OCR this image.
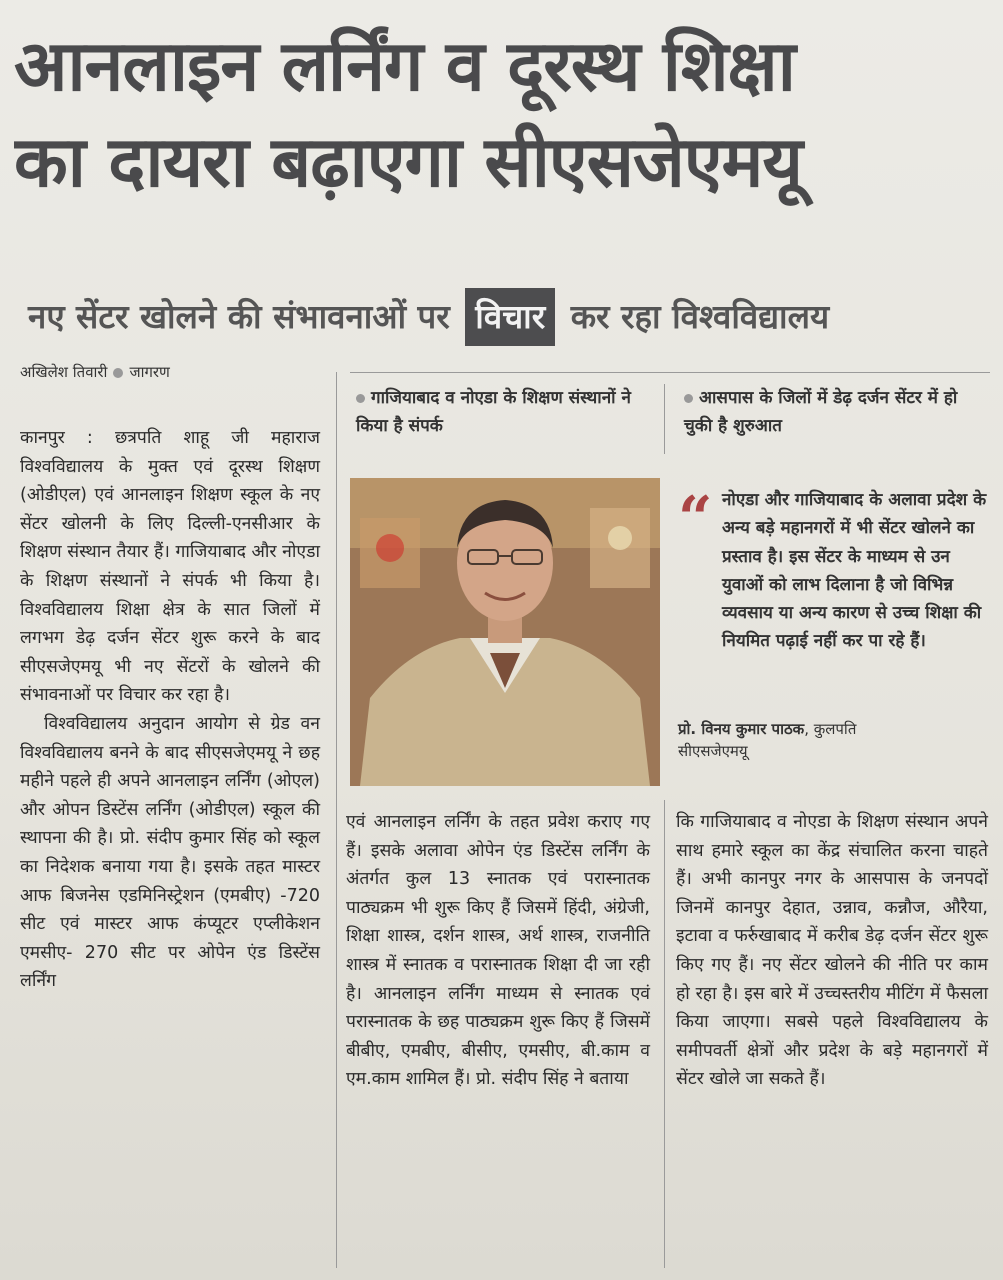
आनलाइन लर्निंग व दूरस्थ शिक्षा
का दायरा बढ़ाएगा सीएसजेएमयू
नए सेंटर खोलने की संभावनाओं पर विचार कर रहा विश्वविद्यालय
अखिलेश तिवारी जागरण
गाजियाबाद व नोएडा के शिक्षण संस्थानों ने किया है संपर्क
आसपास के जिलों में डेढ़ दर्जन सेंटर में हो चुकी है शुरुआत
“ नोएडा और गाजियाबाद के अलावा प्रदेश के अन्य बड़े महानगरों में भी सेंटर खोलने का प्रस्ताव है। इस सेंटर के माध्यम से उन युवाओं को लाभ दिलाना है जो विभिन्न व्यवसाय या अन्य कारण से उच्च शिक्षा की नियमित पढ़ाई नहीं कर पा रहे हैं।
प्रो. विनय कुमार पाठक, कुलपति
सीएसजेएमयू

कानपुर : छत्रपति शाहू जी महाराज विश्वविद्यालय के मुक्त एवं दूरस्थ शिक्षण (ओडीएल) एवं आनलाइन शिक्षण स्कूल के नए सेंटर खोलनी के लिए दिल्ली-एनसीआर के शिक्षण संस्थान तैयार हैं। गाजियाबाद और नोएडा के शिक्षण संस्थानों ने संपर्क भी किया है। विश्वविद्यालय शिक्षा क्षेत्र के सात जिलों में लगभग डेढ़ दर्जन सेंटर शुरू करने के बाद सीएसजेएमयू भी नए सेंटरों के खोलने की संभावनाओं पर विचार कर रहा है।

विश्वविद्यालय अनुदान आयोग से ग्रेड वन विश्वविद्यालय बनने के बाद सीएसजेएमयू ने छह महीने पहले ही अपने आनलाइन लर्निंग (ओएल) और ओपन डिस्टेंस लर्निंग (ओडीएल) स्कूल की स्थापना की है। प्रो. संदीप कुमार सिंह को स्कूल का निदेशक बनाया गया है। इसके तहत मास्टर आफ बिजनेस एडमिनिस्ट्रेशन (एमबीए) -720 सीट एवं मास्टर आफ कंप्यूटर एप्लीकेशन एमसीए- 270 सीट पर ओपेन एंड डिस्टेंस लर्निंग

एवं आनलाइन लर्निंग के तहत प्रवेश कराए गए हैं। इसके अलावा ओपेन एंड डिस्टेंस लर्निंग के अंतर्गत कुल 13 स्नातक एवं परास्नातक पाठ्यक्रम भी शुरू किए हैं जिसमें हिंदी, अंग्रेजी, शिक्षा शास्त्र, दर्शन शास्त्र, अर्थ शास्त्र, राजनीति शास्त्र में स्नातक व परास्नातक शिक्षा दी जा रही है। आनलाइन लर्निंग माध्यम से स्नातक एवं परास्नातक के छह पाठ्यक्रम शुरू किए हैं जिसमें बीबीए, एमबीए, बीसीए, एमसीए, बी.काम व एम.काम शामिल हैं। प्रो. संदीप सिंह ने बताया

कि गाजियाबाद व नोएडा के शिक्षण संस्थान अपने साथ हमारे स्कूल का केंद्र संचालित करना चाहते हैं। अभी कानपुर नगर के आसपास के जनपदों जिनमें कानपुर देहात, उन्नाव, कन्नौज, औरैया, इटावा व फर्रुखाबाद में करीब डेढ़ दर्जन सेंटर शुरू किए गए हैं। नए सेंटर खोलने की नीति पर काम हो रहा है। इस बारे में उच्चस्तरीय मीटिंग में फैसला किया जाएगा। सबसे पहले विश्वविद्यालय के समीपवर्ती क्षेत्रों और प्रदेश के बड़े महानगरों में सेंटर खोले जा सकते हैं।
